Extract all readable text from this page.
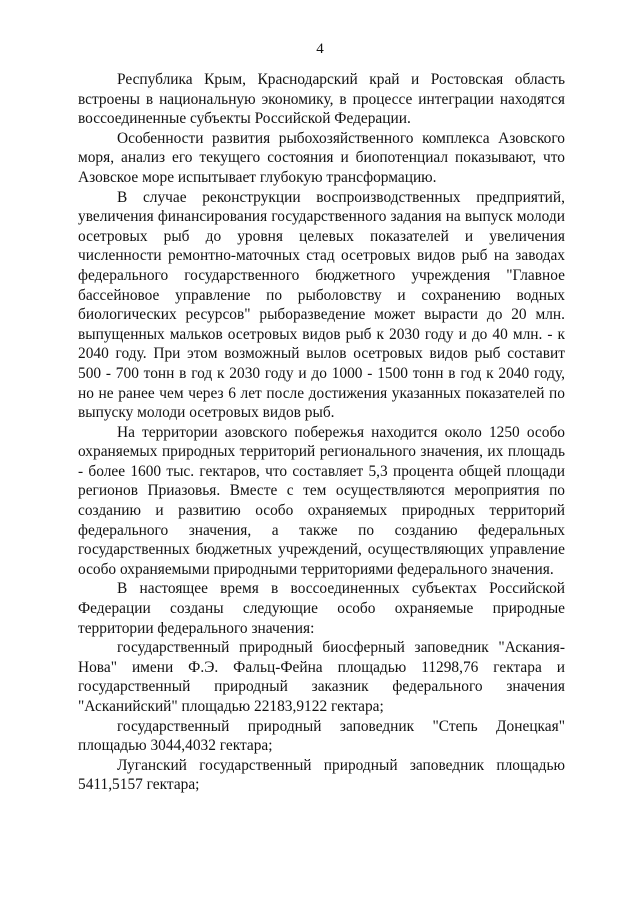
4

Республика Крым, Краснодарский край и Ростовская область встроены в национальную экономику, в процессе интеграции находятся воссоединенные субъекты Российской Федерации.

Особенности развития рыбохозяйственного комплекса Азовского моря, анализ его текущего состояния и биопотенциал показывают, что Азовское море испытывает глубокую трансформацию.

В случае реконструкции воспроизводственных предприятий, увеличения финансирования государственного задания на выпуск молоди осетровых рыб до уровня целевых показателей и увеличения численности ремонтно-маточных стад осетровых видов рыб на заводах федерального государственного бюджетного учреждения "Главное бассейновое управление по рыболовству и сохранению водных биологических ресурсов" рыборазведение может вырасти до 20 млн. выпущенных мальков осетровых видов рыб к 2030 году и до 40 млн. - к 2040 году. При этом возможный вылов осетровых видов рыб составит 500 - 700 тонн в год к 2030 году и до 1000 - 1500 тонн в год к 2040 году, но не ранее чем через 6 лет после достижения указанных показателей по выпуску молоди осетровых видов рыб.

На территории азовского побережья находится около 1250 особо охраняемых природных территорий регионального значения, их площадь - более 1600 тыс. гектаров, что составляет 5,3 процента общей площади регионов Приазовья. Вместе с тем осуществляются мероприятия по созданию и развитию особо охраняемых природных территорий федерального значения, а также по созданию федеральных государственных бюджетных учреждений, осуществляющих управление особо охраняемыми природными территориями федерального значения.

В настоящее время в воссоединенных субъектах Российской Федерации созданы следующие особо охраняемые природные территории федерального значения:

государственный природный биосферный заповедник "Аскания-Нова" имени Ф.Э. Фальц-Фейна площадью 11298,76 гектара и государственный природный заказник федерального значения "Асканийский" площадью 22183,9122 гектара;

государственный природный заповедник "Степь Донецкая" площадью 3044,4032 гектара;

Луганский государственный природный заповедник площадью 5411,5157 гектара;
